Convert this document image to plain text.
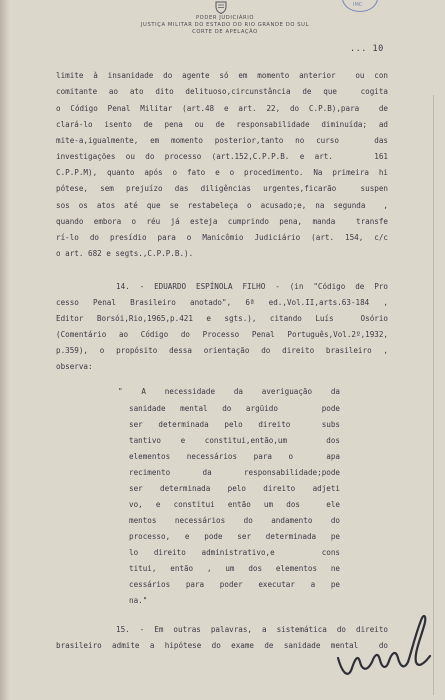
PODER JUDICIÁRIO
JUSTIÇA MILITAR DO ESTADO DO RIO GRANDE DO SUL
CORTE DE APELAÇÃO
IMC
... 10
limite à insanidade do agente só em momento anterior  ou con
comitante ao ato dito delituoso,circunstância de que  cogita
o Código Penal Militar (art.48 e art. 22, do C.P.B),para  de
clará-lo isento de pena ou de responsabilidade diminuída; ad
mite-a,igualmente, em momento posterior,tanto no curso   das
investigações ou do processo (art.152,C.P.P.B. e art.    161
C.P.P.M), quanto após o fato e o procedimento. Na primeira hi
pótese, sem prejuízo das diligências urgentes,ficarão  suspen
sos os atos até que se restabeleça o acusado;e, na segunda  ,
quando embora o réu já esteja cumprindo pena, manda  transfe
rí-lo do presídio para o Manicômio Judiciário (art. 154, c/c
o art. 682 e segts.,C.P.P.B.).
14. - EDUARDO ESPÍNOLA FILHO - (in "Código de Pro
cesso Penal Brasileiro anotado", 6ª ed.,Vol.II,arts.63-184 ,
Editor Borsói,Rio,1965,p.421 e sgts.), citando Luís  Osório
(Comentário ao Código do Processo Penal Português,Vol.2º,1932,
p.359), o propósito dessa orientação do direito brasileiro ,
observa:
" A necessidade da averiguação da
sanidade mental do argüido   pode
ser determinada pelo direito  subs
tantivo e constitui,então,um  dos
elementos necessários para o  apa
recimento da responsabilidade;pode
ser determinada pelo direito adjeti
vo, e constitui então um dos  ele
mentos necessários do andamento do
processo, e pode ser determinada pe
lo direito administrativo,e   cons
titui, então , um dos elementos ne
cessários para poder executar a pe
na."
15. - Em outras palavras, a sistemática do direito
brasileiro admite a hipótese do exame de sanidade mental  do
